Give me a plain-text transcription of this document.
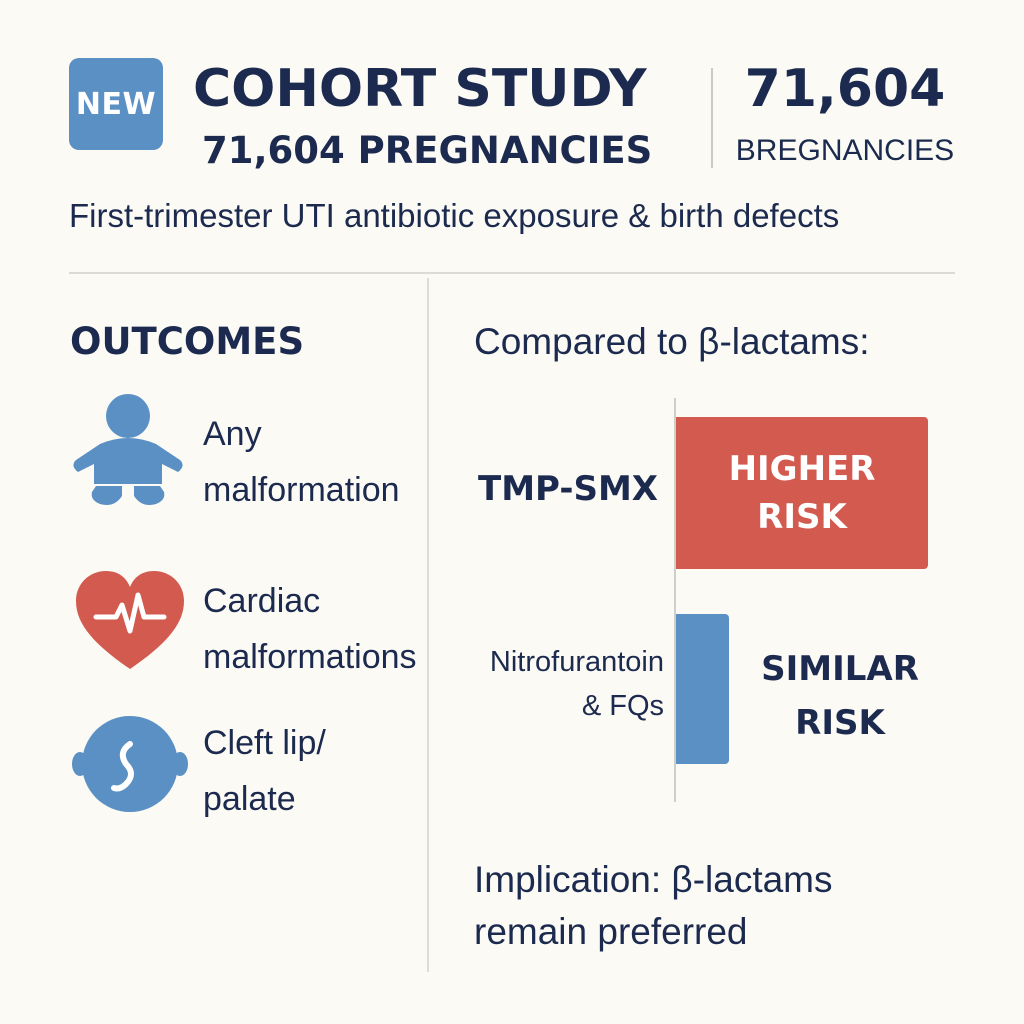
NEW COHORT STUDY
71,604 PREGNANCIES
71,604
BREGNANCIES
First-trimester UTI antibiotic exposure & birth defects
OUTCOMES
Any
malformation
Cardiac
malformations
Cleft lip/
palate
Compared to β-lactams:
TMP-SMX	HIGHER
RISK
Nitrofurantoin
& FQs
SIMILAR
RISK
Implication: β-lactams
remain preferred
